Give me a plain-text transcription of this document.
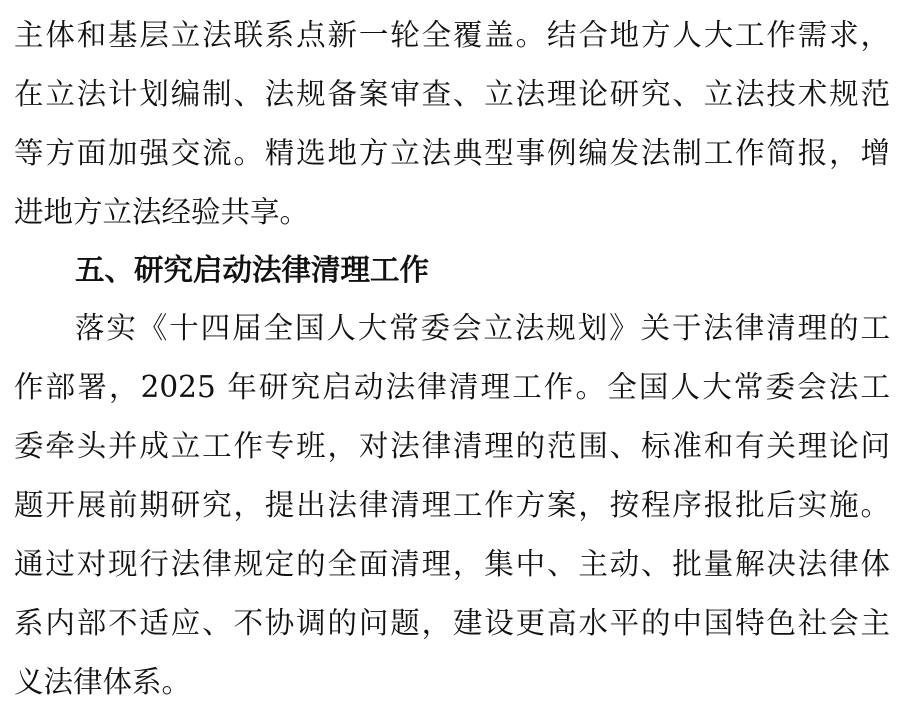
主体和基层立法联系点新一轮全覆盖。结合地方人大工作需求，
在立法计划编制、法规备案审查、立法理论研究、立法技术规范
等方面加强交流。精选地方立法典型事例编发法制工作简报，增
进地方立法经验共享。
五、研究启动法律清理工作
落实《十四届全国人大常委会立法规划》关于法律清理的工
作部署，2025 年研究启动法律清理工作。全国人大常委会法工
委牵头并成立工作专班，对法律清理的范围、标准和有关理论问
题开展前期研究，提出法律清理工作方案，按程序报批后实施。
通过对现行法律规定的全面清理，集中、主动、批量解决法律体
系内部不适应、不协调的问题，建设更高水平的中国特色社会主
义法律体系。
